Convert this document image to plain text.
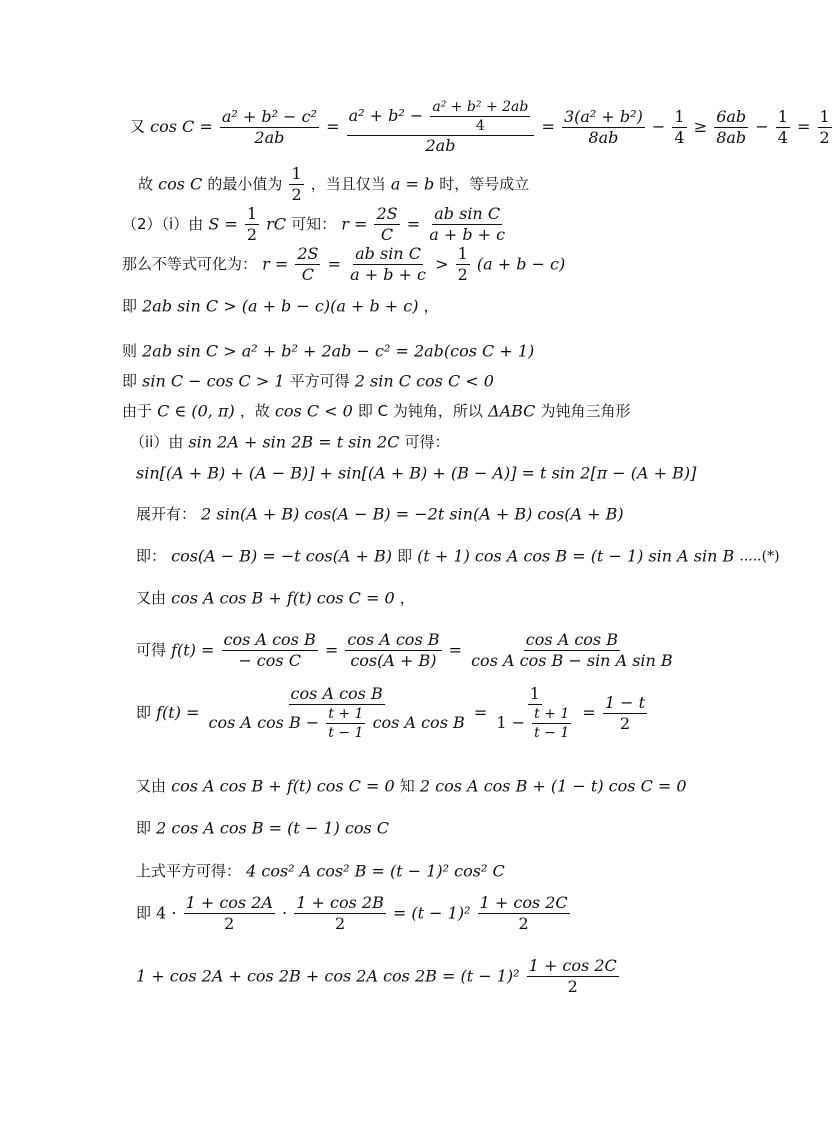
又 $\cos C = \frac{\text{a² + b² − c²}}{2ab} = \frac{a^2 + b^2 - \frac{\text{a² + b² + 2ab}}{4}}{2ab} = \frac{\text{3(a² + b²)}}{8ab} - \frac{1}{4} \ge \frac{6ab}{8ab} - \frac{1}{4} = \frac{1}{2}$
故 cos C 的最小值为 $\frac{1}{2}$ ，当且仅当 a = b 时，等号成立
（2）（i）由 $S = \frac{1}{2}$ rC 可知： $r = \frac{2S}{C} = \frac{\text{ab sin C}}{a + b + c}$
那么不等式可化为： $r = \frac{2S}{C} = \frac{\text{ab sin C}}{a + b + c} > \frac{1}{2} (a + b - c)$
即 2ab sin C > (a + b − c)(a + b + c) ，
则 2ab sin C > a² + b² + 2ab − c² = 2ab(cos C + 1)
即 sin C − cos C > 1 平方可得 2 sin C cos C < 0
由于 C ∈ (0, π) ，故 cos C < 0 即 C 为钝角，所以 ΔABC 为钝角三角形
（ii）由 sin 2A + sin 2B = t sin 2C 可得：
sin[(A + B) + (A − B)] + sin[(A + B) + (B − A)] = t sin 2[π − (A + B)]
展开有： 2 sin(A + B) cos(A − B) = −2t sin(A + B) cos(A + B)
即： cos(A − B) = −t cos(A + B) 即 (t + 1) cos A cos B = (t − 1) sin A sin B .....(*)
又由 cos A cos B + f(t) cos C = 0 ，
可得 $f(t) = \frac{\text{cos A cos B}}{\text{− cos C}} = \frac{\text{cos A cos B}}{\cos(A + B)} = \frac{\text{cos A cos B}}{\text{cos A cos B − sin A sin B}}$
即 $f(t) = \frac{\text{cos A cos B}}{\cos A \cos B - \frac{t + 1}{t - 1} \cos A \cos B} = \frac{1}{1 - \frac{t + 1}{t - 1}} = \frac{1 - t}{2}$
又由 cos A cos B + f(t) cos C = 0 知 2 cos A cos B + (1 − t) cos C = 0
即 2 cos A cos B = (t − 1) cos C
上式平方可得： 4 cos² A cos² B = (t − 1)² cos² C
即 $4 \cdot \frac{1 + \cos 2A}{2} \cdot \frac{1 + \cos 2B}{2} = (t - 1)^2 \frac{1 + \cos 2C}{2}$
1 + cos 2A + cos 2B + cos 2A $\cos 2B = (t - 1)^2 \frac{1 + \cos 2C}{2}$
